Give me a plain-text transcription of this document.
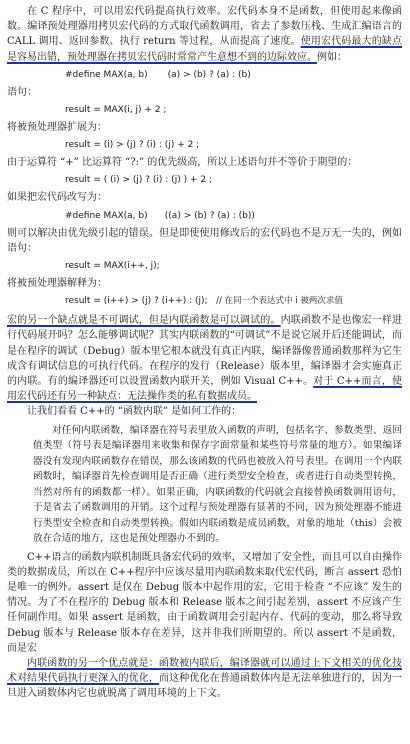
在 C 程序中，可以用宏代码提高执行效率。宏代码本身不是函数，但使用起来像函数。编译预处理器用拷贝宏代码的方式取代函数调用，省去了参数压栈、生成汇编语言的 CALL 调用、返回参数、执行 return 等过程，从而提高了速度。使用宏代码最大的缺点是容易出错，预处理器在拷贝宏代码时常常产生意想不到的边际效应。例如：

#define MAX(a, b)       (a) > (b) ? (a) : (b)

语句：

result = MAX(i, j) + 2 ;

将被预处理器扩展为：

result = (i) > (j) ? (i) : (j) + 2 ;

由于运算符 “+” 比运算符 “?:” 的优先级高，所以上述语句并不等价于期望的：

result = ( (i) > (j) ? (i) : (j) ) + 2 ;

如果把宏代码改写为：

#define MAX(a, b)      ((a) > (b) ? (a) : (b))

则可以解决由优先级引起的错误。但是即使使用修改后的宏代码也不是万无一失的，例如语句：

result = MAX(i++, j);

将被预处理器解释为：

result = (i++) > (j) ? (i++) : (j); // 在同一个表达式中 i 被两次求值

宏的另一个缺点就是不可调试，但是内联函数是可以调试的。内联函数不是也像宏一样进行代码展开吗？怎么能够调试呢？其实内联函数的“可调试”不是说它展开后还能调试，而是在程序的调试（Debug）版本里它根本就没有真正内联，编译器像普通函数那样为它生成含有调试信息的可执行代码。在程序的发行（Release）版本里，编译器才会实施真正的内联。有的编译器还可以设置函数内联开关，例如 Visual C++。对于 C++而言，使用宏代码还有另一种缺点：无法操作类的私有数据成员。

让我们看看 C++的 “函数内联” 是如何工作的：

对任何内联函数，编译器在符号表里放入函数的声明，包括名字、参数类型、返回值类型（符号表是编译器用来收集和保存字面常量和某些符号常量的地方）。如果编译器没有发现内联函数存在错误，那么该函数的代码也被放入符号表里。在调用一个内联函数时，编译器首先检查调用是否正确（进行类型安全检查，或者进行自动类型转换，当然对所有的函数都一样）。如果正确，内联函数的代码就会直接替换函数调用语句，于是省去了函数调用的开销。这个过程与预处理器有显著的不同，因为预处理器不能进行类型安全检查和自动类型转换。假如内联函数是成员函数，对象的地址（this）会被放在合适的地方，这也是预处理器办不到的。

C++语言的函数内联机制既具备宏代码的效率，又增加了安全性，而且可以自由操作类的数据成员，所以在 C++程序中应该尽量用内联函数来取代宏代码，断言 assert 恐怕是唯一的例外。assert 是仅在 Debug 版本中起作用的宏，它用于检查 “不应该” 发生的情况。为了不在程序的 Debug 版本和 Release 版本之间引起差别，assert 不应该产生任何副作用。如果 assert 是函数，由于函数调用会引起内存、代码的变动，那么将导致 Debug 版本与 Release 版本存在差异，这并非我们所期望的。所以 assert 不是函数，而是宏

内联函数的另一个优点就是：函数被内联后，编译器就可以通过上下文相关的优化技术对结果代码执行更深入的优化，而这种优化在普通函数体内是无法单独进行的，因为一旦进入函数体内它也就脱离了调用环境的上下文。
